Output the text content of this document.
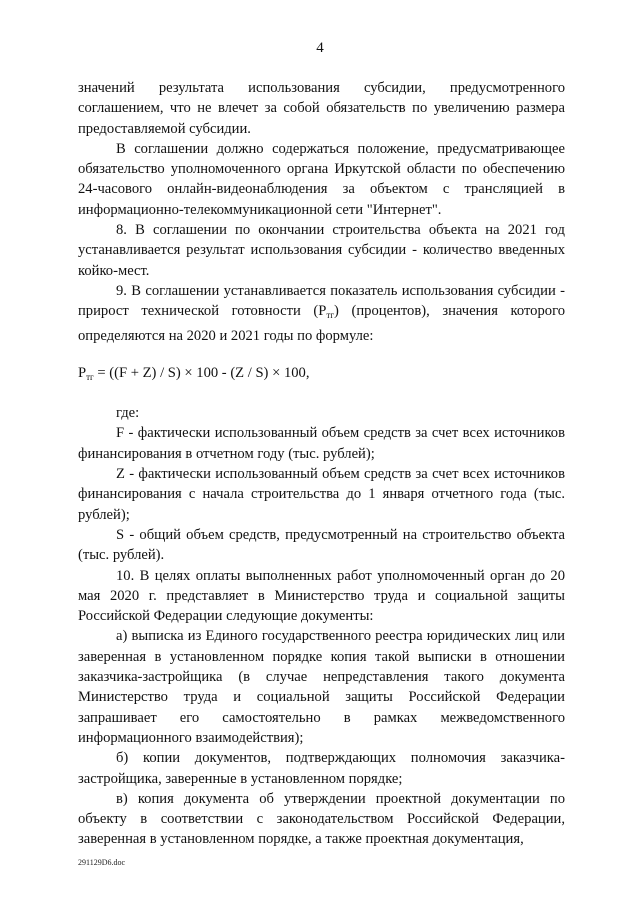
4

значений результата использования субсидии, предусмотренного соглашением, что не влечет за собой обязательств по увеличению размера предоставляемой субсидии.

В соглашении должно содержаться положение, предусматривающее обязательство уполномоченного органа Иркутской области по обеспечению 24-часового онлайн-видеонаблюдения за объектом с трансляцией в информационно-телекоммуникационной сети "Интернет".

8. В соглашении по окончании строительства объекта на 2021 год устанавливается результат использования субсидии - количество введенных койко-мест.

9. В соглашении устанавливается показатель использования субсидии - прирост технической готовности $(Р_{тг})$ (процентов), значения которого определяются на 2020 и 2021 годы по формуле:

$Р_{тг} = ((F + Z) / S) \times 100 - (Z / S) \times 100$,

где:

F - фактически использованный объем средств за счет всех источников финансирования в отчетном году (тыс. рублей);

Z - фактически использованный объем средств за счет всех источников финансирования с начала строительства до 1 января отчетного года (тыс. рублей);

S - общий объем средств, предусмотренный на строительство объекта (тыс. рублей).

10. В целях оплаты выполненных работ уполномоченный орган до 20 мая 2020 г. представляет в Министерство труда и социальной защиты Российской Федерации следующие документы:

а) выписка из Единого государственного реестра юридических лиц или заверенная в установленном порядке копия такой выписки в отношении заказчика-застройщика (в случае непредставления такого документа Министерство труда и социальной защиты Российской Федерации запрашивает его самостоятельно в рамках межведомственного информационного взаимодействия);

б) копии документов, подтверждающих полномочия заказчика-застройщика, заверенные в установленном порядке;

в) копия документа об утверждении проектной документации по объекту в соответствии с законодательством Российской Федерации, заверенная в установленном порядке, а также проектная документация,

291129D6.doc
